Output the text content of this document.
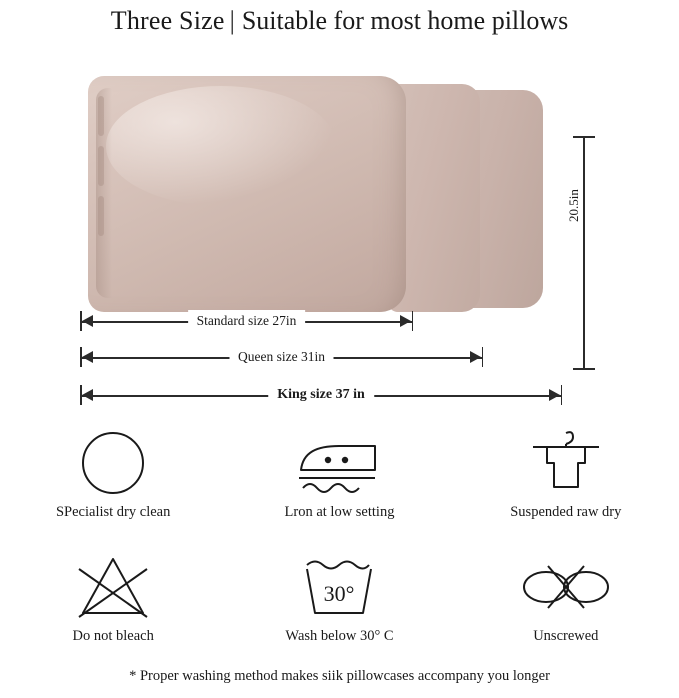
Three Size | Suitable for most home pillows
20.5in
Standard size 27in
Queen size 31in
King size 37 in
SPecialist dry clean	Lron at low setting	Suspended raw dry
Do not bleach
30°
Wash below 30° C	Unscrewed
* Proper washing method makes siik pillowcases accompany you longer
